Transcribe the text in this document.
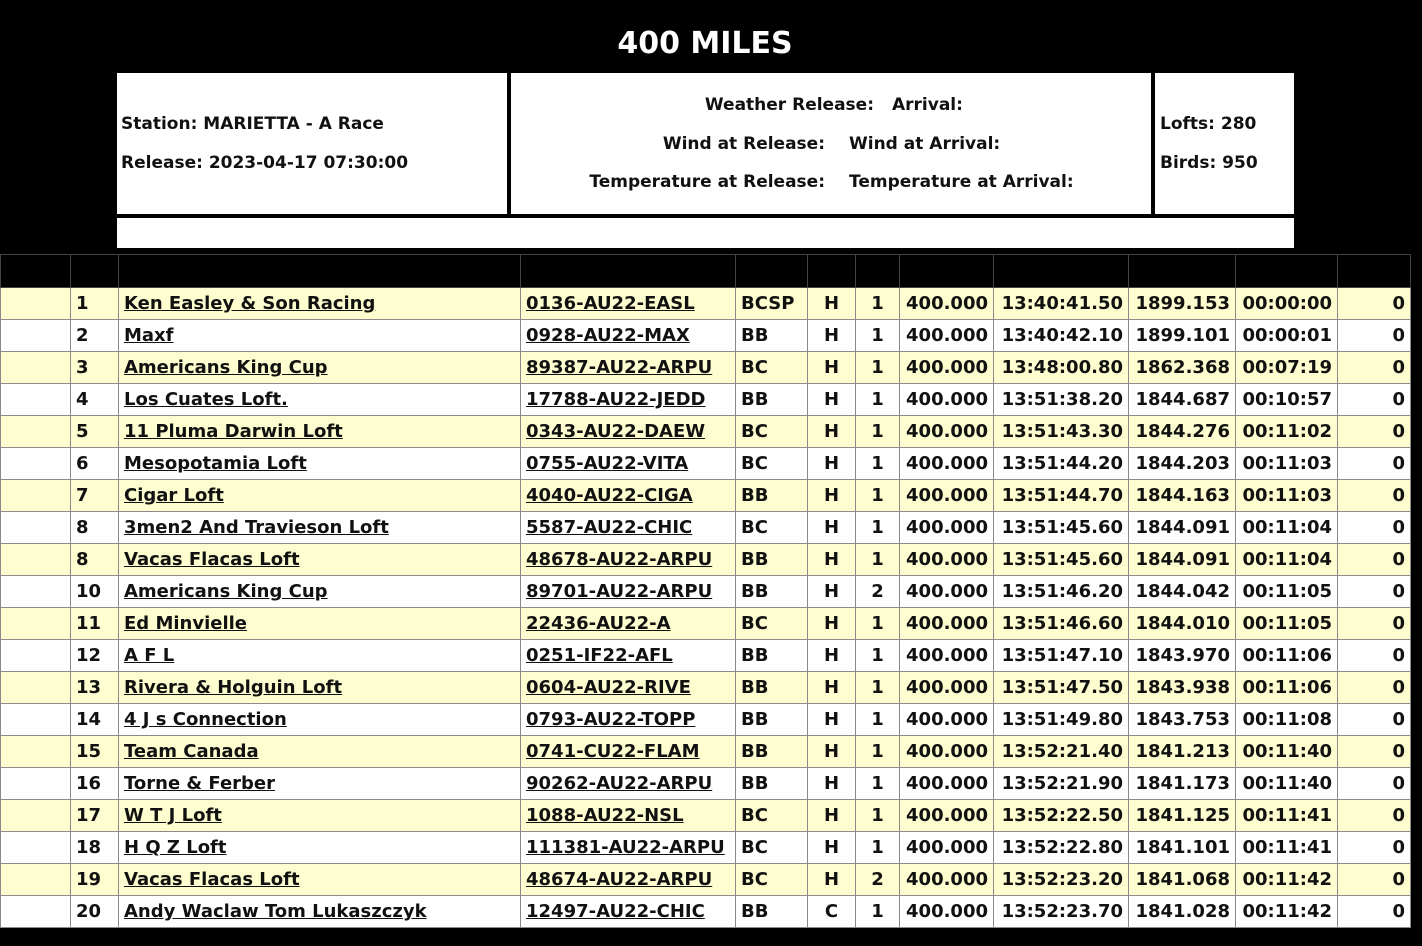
400 MILES
Station: MARIETTA - A Race
Release: 2023-04-17 07:30:00
Weather Release: Arrival:
Wind at Release: Wind at Arrival:
Temperature at Release: Temperature at Arrival:
Lofts: 280
Birds: 950

	1	Ken Easley & Son Racing	0136-AU22-EASL	BCSP	H	1	400.000	13:40:41.50	1899.153	00:00:00	0
	2	Maxf	0928-AU22-MAX	BB	H	1	400.000	13:40:42.10	1899.101	00:00:01	0
	3	Americans King Cup	89387-AU22-ARPU	BC	H	1	400.000	13:48:00.80	1862.368	00:07:19	0
	4	Los Cuates Loft.	17788-AU22-JEDD	BB	H	1	400.000	13:51:38.20	1844.687	00:10:57	0
	5	11 Pluma Darwin Loft	0343-AU22-DAEW	BC	H	1	400.000	13:51:43.30	1844.276	00:11:02	0
	6	Mesopotamia Loft	0755-AU22-VITA	BC	H	1	400.000	13:51:44.20	1844.203	00:11:03	0
	7	Cigar Loft	4040-AU22-CIGA	BB	H	1	400.000	13:51:44.70	1844.163	00:11:03	0
	8	3men2 And Travieson Loft	5587-AU22-CHIC	BC	H	1	400.000	13:51:45.60	1844.091	00:11:04	0
	8	Vacas Flacas Loft	48678-AU22-ARPU	BB	H	1	400.000	13:51:45.60	1844.091	00:11:04	0
	10	Americans King Cup	89701-AU22-ARPU	BB	H	2	400.000	13:51:46.20	1844.042	00:11:05	0
	11	Ed Minvielle	22436-AU22-A	BC	H	1	400.000	13:51:46.60	1844.010	00:11:05	0
	12	A F L	0251-IF22-AFL	BB	H	1	400.000	13:51:47.10	1843.970	00:11:06	0
	13	Rivera & Holguin Loft	0604-AU22-RIVE	BB	H	1	400.000	13:51:47.50	1843.938	00:11:06	0
	14	4 J s Connection	0793-AU22-TOPP	BB	H	1	400.000	13:51:49.80	1843.753	00:11:08	0
	15	Team Canada	0741-CU22-FLAM	BB	H	1	400.000	13:52:21.40	1841.213	00:11:40	0
	16	Torne & Ferber	90262-AU22-ARPU	BB	H	1	400.000	13:52:21.90	1841.173	00:11:40	0
	17	W T J Loft	1088-AU22-NSL	BC	H	1	400.000	13:52:22.50	1841.125	00:11:41	0
	18	H Q Z Loft	111381-AU22-ARPU	BC	H	1	400.000	13:52:22.80	1841.101	00:11:41	0
	19	Vacas Flacas Loft	48674-AU22-ARPU	BC	H	2	400.000	13:52:23.20	1841.068	00:11:42	0
	20	Andy Waclaw Tom Lukaszczyk	12497-AU22-CHIC	BB	C	1	400.000	13:52:23.70	1841.028	00:11:42	0
